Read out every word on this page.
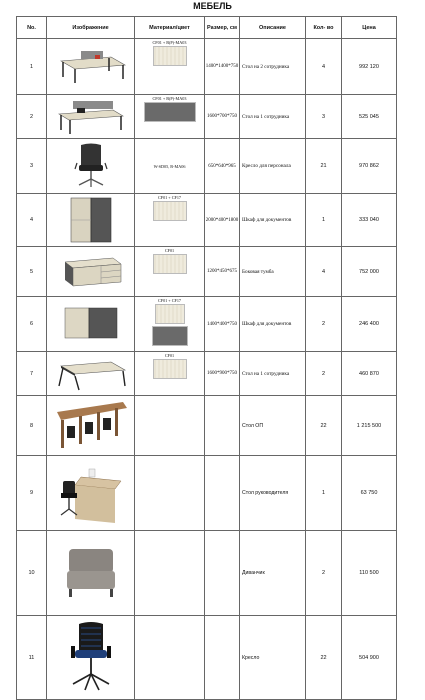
МЕБЕЛЬ
No.	Изображение	Материал/цвет	Размер, см	Описание	Кол- во	Цена
1		CF01 + В(P)-MA03	1400*1400*750	Стол на 2 сотрудника	4	992 120
2		CF01 + В(P)-MA03	1600*700*750	Стол на 1 сотрудника	3	525 045
3		W-SD05, B-MA06	650*640*965	Кресло для персонала	21	970 862
4		CF01 + CF17	2000*400*1800	Шкаф для документов	1	333 040
5		CF01	1200*450*675	Боковая тумба	4	752 000
6		CF01 + CF17	1400*400*750	Шкаф для документов	2	246 400
7		CF01	1600*900*750	Стол на 1 сотрудника	2	460 870
8				Стол ОП	22	1 215 500
9				Стол руководителя	1	63 750
10				Диванчик	2	110 500
11				Кресло	22	504 900
